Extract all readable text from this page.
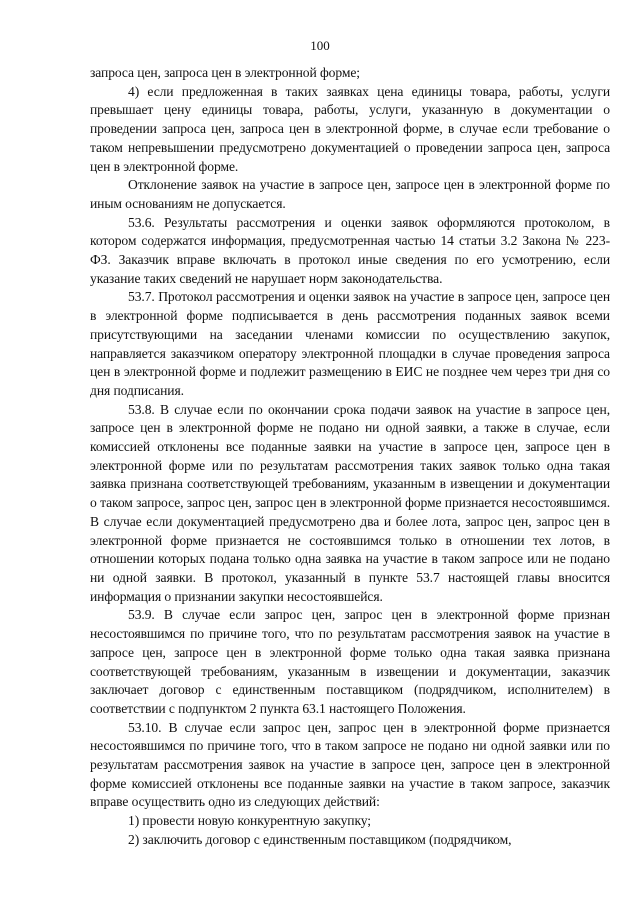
100

запроса цен, запроса цен в электронной форме;

4) если предложенная в таких заявках цена единицы товара, работы, услуги превышает цену единицы товара, работы, услуги, указанную в документации о проведении запроса цен, запроса цен в электронной форме, в случае если требование о таком непревышении предусмотрено документацией о проведении запроса цен, запроса цен в электронной форме.

Отклонение заявок на участие в запросе цен, запросе цен в электронной форме по иным основаниям не допускается.

53.6. Результаты рассмотрения и оценки заявок оформляются протоколом, в котором содержатся информация, предусмотренная частью 14 статьи 3.2 Закона № 223-ФЗ. Заказчик вправе включать в протокол иные сведения по его усмотрению, если указание таких сведений не нарушает норм законодательства.

53.7. Протокол рассмотрения и оценки заявок на участие в запросе цен, запросе цен в электронной форме подписывается в день рассмотрения поданных заявок всеми присутствующими на заседании членами комиссии по осуществлению закупок, направляется заказчиком оператору электронной площадки в случае проведения запроса цен в электронной форме и подлежит размещению в ЕИС не позднее чем через три дня со дня подписания.

53.8. В случае если по окончании срока подачи заявок на участие в запросе цен, запросе цен в электронной форме не подано ни одной заявки, а также в случае, если комиссией отклонены все поданные заявки на участие в запросе цен, запросе цен в электронной форме или по результатам рассмотрения таких заявок только одна такая заявка признана соответствующей требованиям, указанным в извещении и документации о таком запросе, запрос цен, запрос цен в электронной форме признается несостоявшимся. В случае если документацией предусмотрено два и более лота, запрос цен, запрос цен в электронной форме признается не состоявшимся только в отношении тех лотов, в отношении которых подана только одна заявка на участие в таком запросе или не подано ни одной заявки. В протокол, указанный в пункте 53.7 настоящей главы вносится информация о признании закупки несостоявшейся.

53.9. В случае если запрос цен, запрос цен в электронной форме признан несостоявшимся по причине того, что по результатам рассмотрения заявок на участие в запросе цен, запросе цен в электронной форме только одна такая заявка признана соответствующей требованиям, указанным в извещении и документации, заказчик заключает договор с единственным поставщиком (подрядчиком, исполнителем) в соответствии с подпунктом 2 пункта 63.1 настоящего Положения.

53.10. В случае если запрос цен, запрос цен в электронной форме признается несостоявшимся по причине того, что в таком запросе не подано ни одной заявки или по результатам рассмотрения заявок на участие в запросе цен, запросе цен в электронной форме комиссией отклонены все поданные заявки на участие в таком запросе, заказчик вправе осуществить одно из следующих действий:

1) провести новую конкурентную закупку;

2) заключить договор с единственным поставщиком (подрядчиком,
